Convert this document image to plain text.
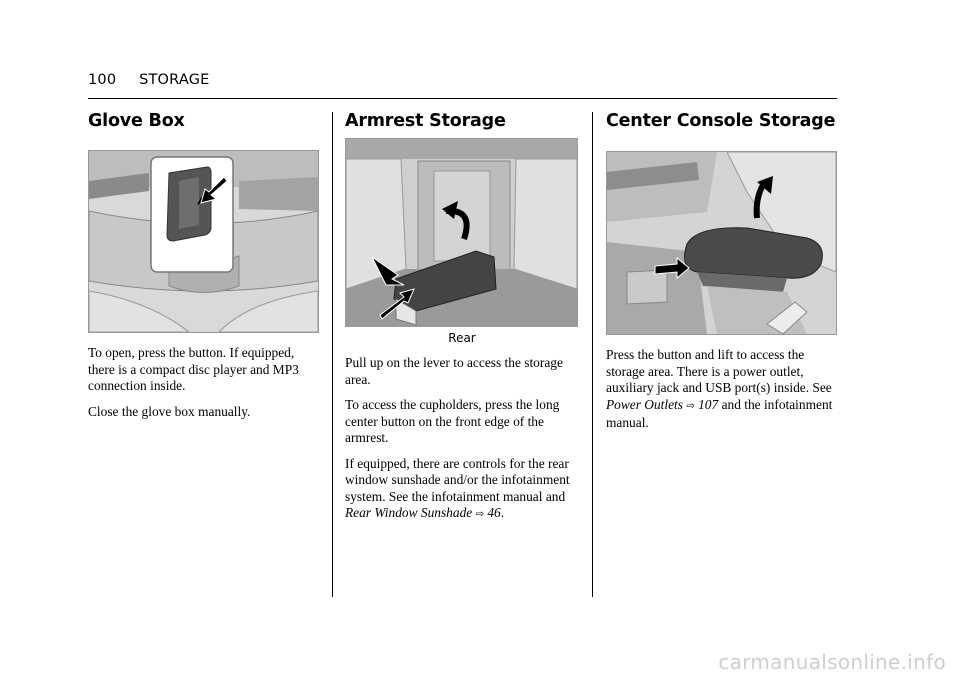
100 STORAGE
Glove Box

To open, press the button. If equipped, there is a compact disc player and MP3 connection inside.

Close the glove box manually.

Armrest Storage
Rear

Pull up on the lever to access the storage area.

To access the cupholders, press the long center button on the front edge of the armrest.

If equipped, there are controls for the rear window sunshade and/or the infotainment system. See the infotainment manual and Rear Window Sunshade ⇨ 46.

Center Console Storage

Press the button and lift to access the storage area. There is a power outlet, auxiliary jack and USB port(s) inside. See Power Outlets ⇨ 107 and the infotainment manual.

carmanualsonline.info
